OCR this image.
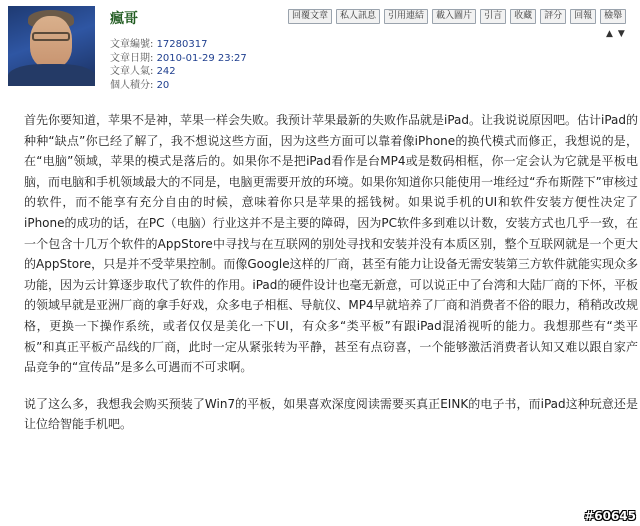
瘋哥
文章編號: 17280317
文章日期: 2010-01-29 23:27
文章人氣: 242
個人積分: 20
回覆文章	私人訊息	引用連結	載入圖片	引言	收藏	評分	回報	檢舉
▲ ▼

首先你要知道，苹果不是神，苹果一样会失败。我预计苹果最新的失败作品就是iPad。让我说说原因吧。估计iPad的种种“缺点”你已经了解了，我不想说这些方面，因为这些方面可以靠着像iPhone的换代模式而修正，我想说的是，在“电脑”领域，苹果的模式是落后的。如果你不是把iPad看作是台MP4或是数码相框，你一定会认为它就是平板电脑，而电脑和手机领域最大的不同是，电脑更需要开放的环境。如果你知道你只能使用一堆经过“乔布斯陛下”审核过的软件，而不能享有充分自由的时候，意味着你只是苹果的摇钱树。如果说手机的UI和软件安装方便性决定了iPhone的成功的话，在PC（电脑）行业这并不是主要的障碍，因为PC软件多到难以计数，安装方式也几乎一致，在一个包含十几万个软件的AppStore中寻找与在互联网的别处寻找和安装并没有本质区别，整个互联网就是一个更大的AppStore，只是并不受苹果控制。而像Google这样的厂商，甚至有能力让设备无需安装第三方软件就能实现众多功能，因为云计算逐步取代了软件的作用。iPad的硬件设计也毫无新意，可以说正中了台湾和大陆厂商的下怀，平板的领域早就是亚洲厂商的拿手好戏，众多电子相框、导航仪、MP4早就培养了厂商和消费者不俗的眼力，稍稍改改规格，更换一下操作系统，或者仅仅是美化一下UI，有众多“类平板”有跟iPad混淆视听的能力。我想那些有“类平板”和真正平板产品线的厂商，此时一定从紧张转为平静，甚至有点窃喜，一个能够激活消费者认知又难以跟自家产品竞争的“宣传品”是多么可遇而不可求啊。

说了这么多，我想我会购买预装了Win7的平板，如果喜欢深度阅读需要买真正EINK的电子书，而iPad这种玩意还是让位给智能手机吧。

#60645
